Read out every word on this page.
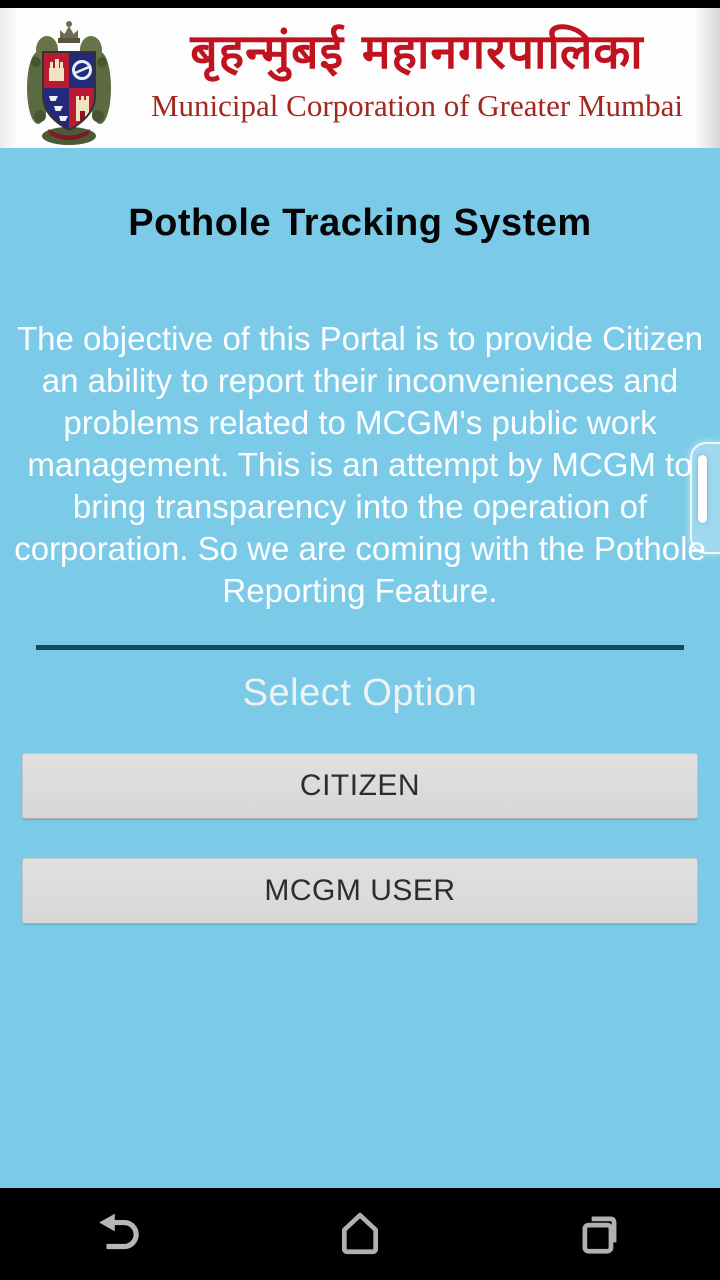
बृहन्मुंबई महानगरपालिका
Municipal Corporation of Greater Mumbai
Pothole Tracking System

The objective of this Portal is to provide Citizen an ability to report their inconveniences and problems related to MCGM's public work management. This is an attempt by MCGM to bring transparency into the operation of corporation. So we are coming with the Pothole Reporting Feature.

Select Option
CITIZEN
MCGM USER
